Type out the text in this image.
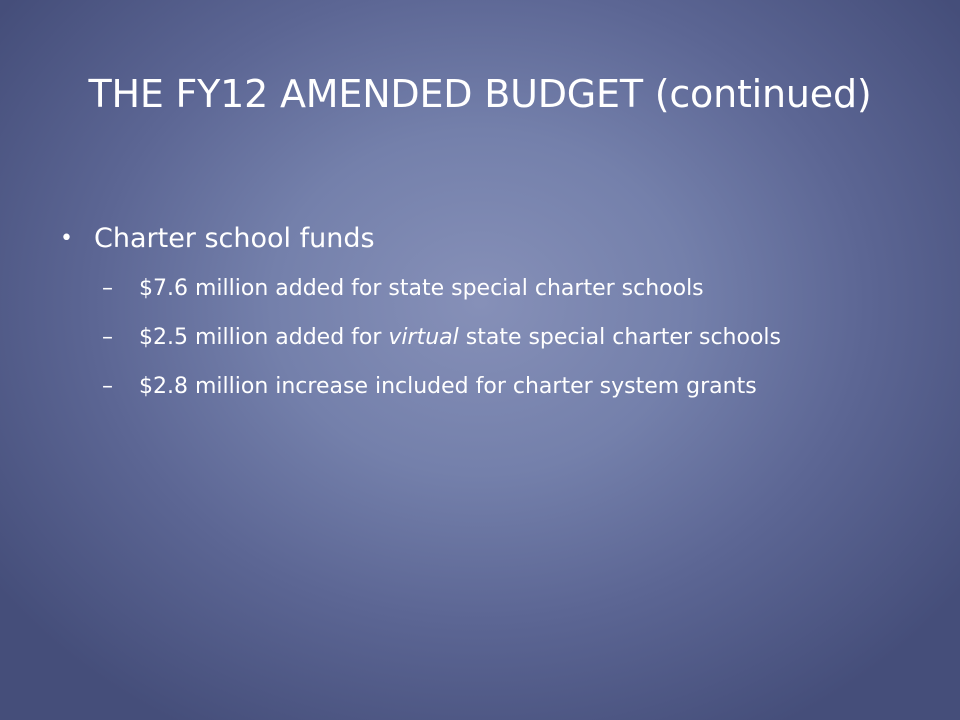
THE FY12 AMENDED BUDGET (continued)
• Charter school funds
– $7.6 million added for state special charter schools
– $2.5 million added for virtual state special charter schools
– $2.8 million increase included for charter system grants
